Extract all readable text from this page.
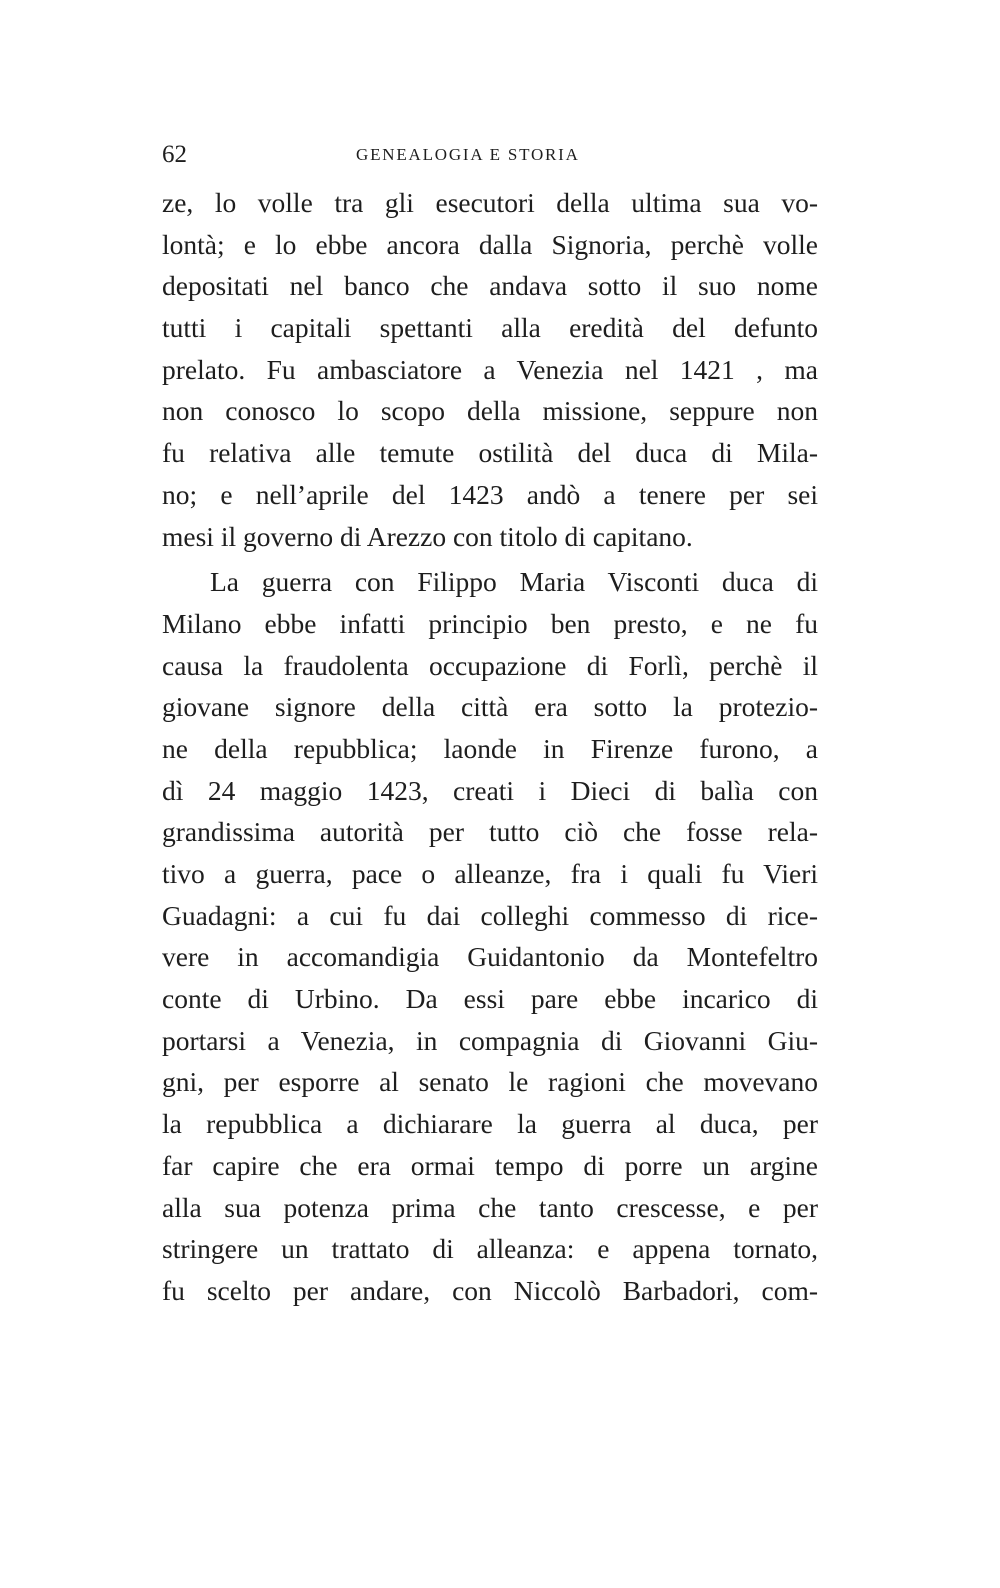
62	GENEALOGIA E STORIA
ze, lo volle tra gli esecutori della ultima sua vo-
lontà; e lo ebbe ancora dalla Signoria, perchè volle
depositati nel banco che andava sotto il suo nome
tutti i capitali spettanti alla eredità del defunto
prelato. Fu ambasciatore a Venezia nel 1421 , ma
non conosco lo scopo della missione, seppure non
fu relativa alle temute ostilità del duca di Mila-
no; e nell’aprile del 1423 andò a tenere per sei
mesi il governo di Arezzo con titolo di capitano.
La guerra con Filippo Maria Visconti duca di
Milano ebbe infatti principio ben presto, e ne fu
causa la fraudolenta occupazione di Forlì, perchè il
giovane signore della città era sotto la protezio-
ne della repubblica; laonde in Firenze furono, a
dì 24 maggio 1423, creati i Dieci di balìa con
grandissima autorità per tutto ciò che fosse rela-
tivo a guerra, pace o alleanze, fra i quali fu Vieri
Guadagni: a cui fu dai colleghi commesso di rice-
vere in accomandigia Guidantonio da Montefeltro
conte di Urbino. Da essi pare ebbe incarico di
portarsi a Venezia, in compagnia di Giovanni Giu-
gni, per esporre al senato le ragioni che movevano
la repubblica a dichiarare la guerra al duca, per
far capire che era ormai tempo di porre un argine
alla sua potenza prima che tanto crescesse, e per
stringere un trattato di alleanza: e appena tornato,
fu scelto per andare, con Niccolò Barbadori, com-
